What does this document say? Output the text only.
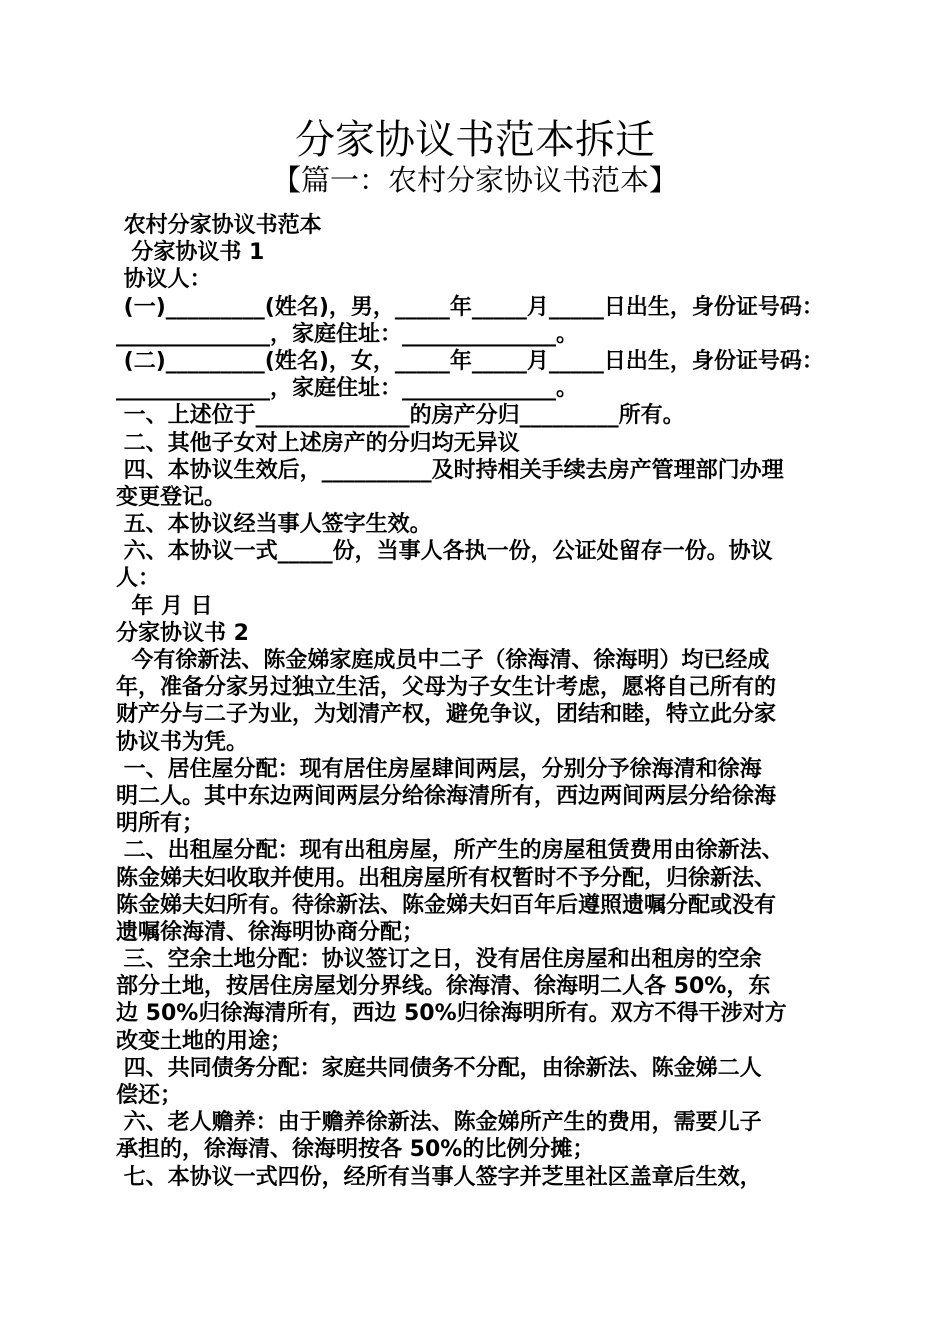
分家协议书范本拆迁
【篇一：农村分家协议书范本】
农村分家协议书范本
分家协议书 1
协议人：
(一)_________(姓名)，男，_____年_____月_____日出生，身份证号码：
______________，家庭住址：______________。
(二)_________(姓名)，女，_____年_____月_____日出生，身份证号码：
______________，家庭住址：______________。
一、上述位于______________的房产分归_________所有。
二、其他子女对上述房产的分归均无异议
四、本协议生效后，__________及时持相关手续去房产管理部门办理
变更登记。
五、本协议经当事人签字生效。
六、本协议一式_____份，当事人各执一份，公证处留存一份。协议
人：
年 月 日
分家协议书 2
今有徐新法、陈金娣家庭成员中二子（徐海清、徐海明）均已经成
年，准备分家另过独立生活，父母为子女生计考虑，愿将自己所有的
财产分与二子为业，为划清产权，避免争议，团结和睦，特立此分家
协议书为凭。
一、居住屋分配：现有居住房屋肆间两层，分别分予徐海清和徐海
明二人。其中东边两间两层分给徐海清所有，西边两间两层分给徐海
明所有；
二、出租屋分配：现有出租房屋，所产生的房屋租赁费用由徐新法、
陈金娣夫妇收取并使用。出租房屋所有权暂时不予分配，归徐新法、
陈金娣夫妇所有。待徐新法、陈金娣夫妇百年后遵照遗嘱分配或没有
遗嘱徐海清、徐海明协商分配；
三、空余土地分配：协议签订之日，没有居住房屋和出租房的空余
部分土地，按居住房屋划分界线。徐海清、徐海明二人各 50%，东
边 50%归徐海清所有，西边 50%归徐海明所有。双方不得干涉对方
改变土地的用途；
四、共同债务分配：家庭共同债务不分配，由徐新法、陈金娣二人
偿还；
六、老人赡养：由于赡养徐新法、陈金娣所产生的费用，需要儿子
承担的，徐海清、徐海明按各 50%的比例分摊；
七、本协议一式四份，经所有当事人签字并芝里社区盖章后生效，
